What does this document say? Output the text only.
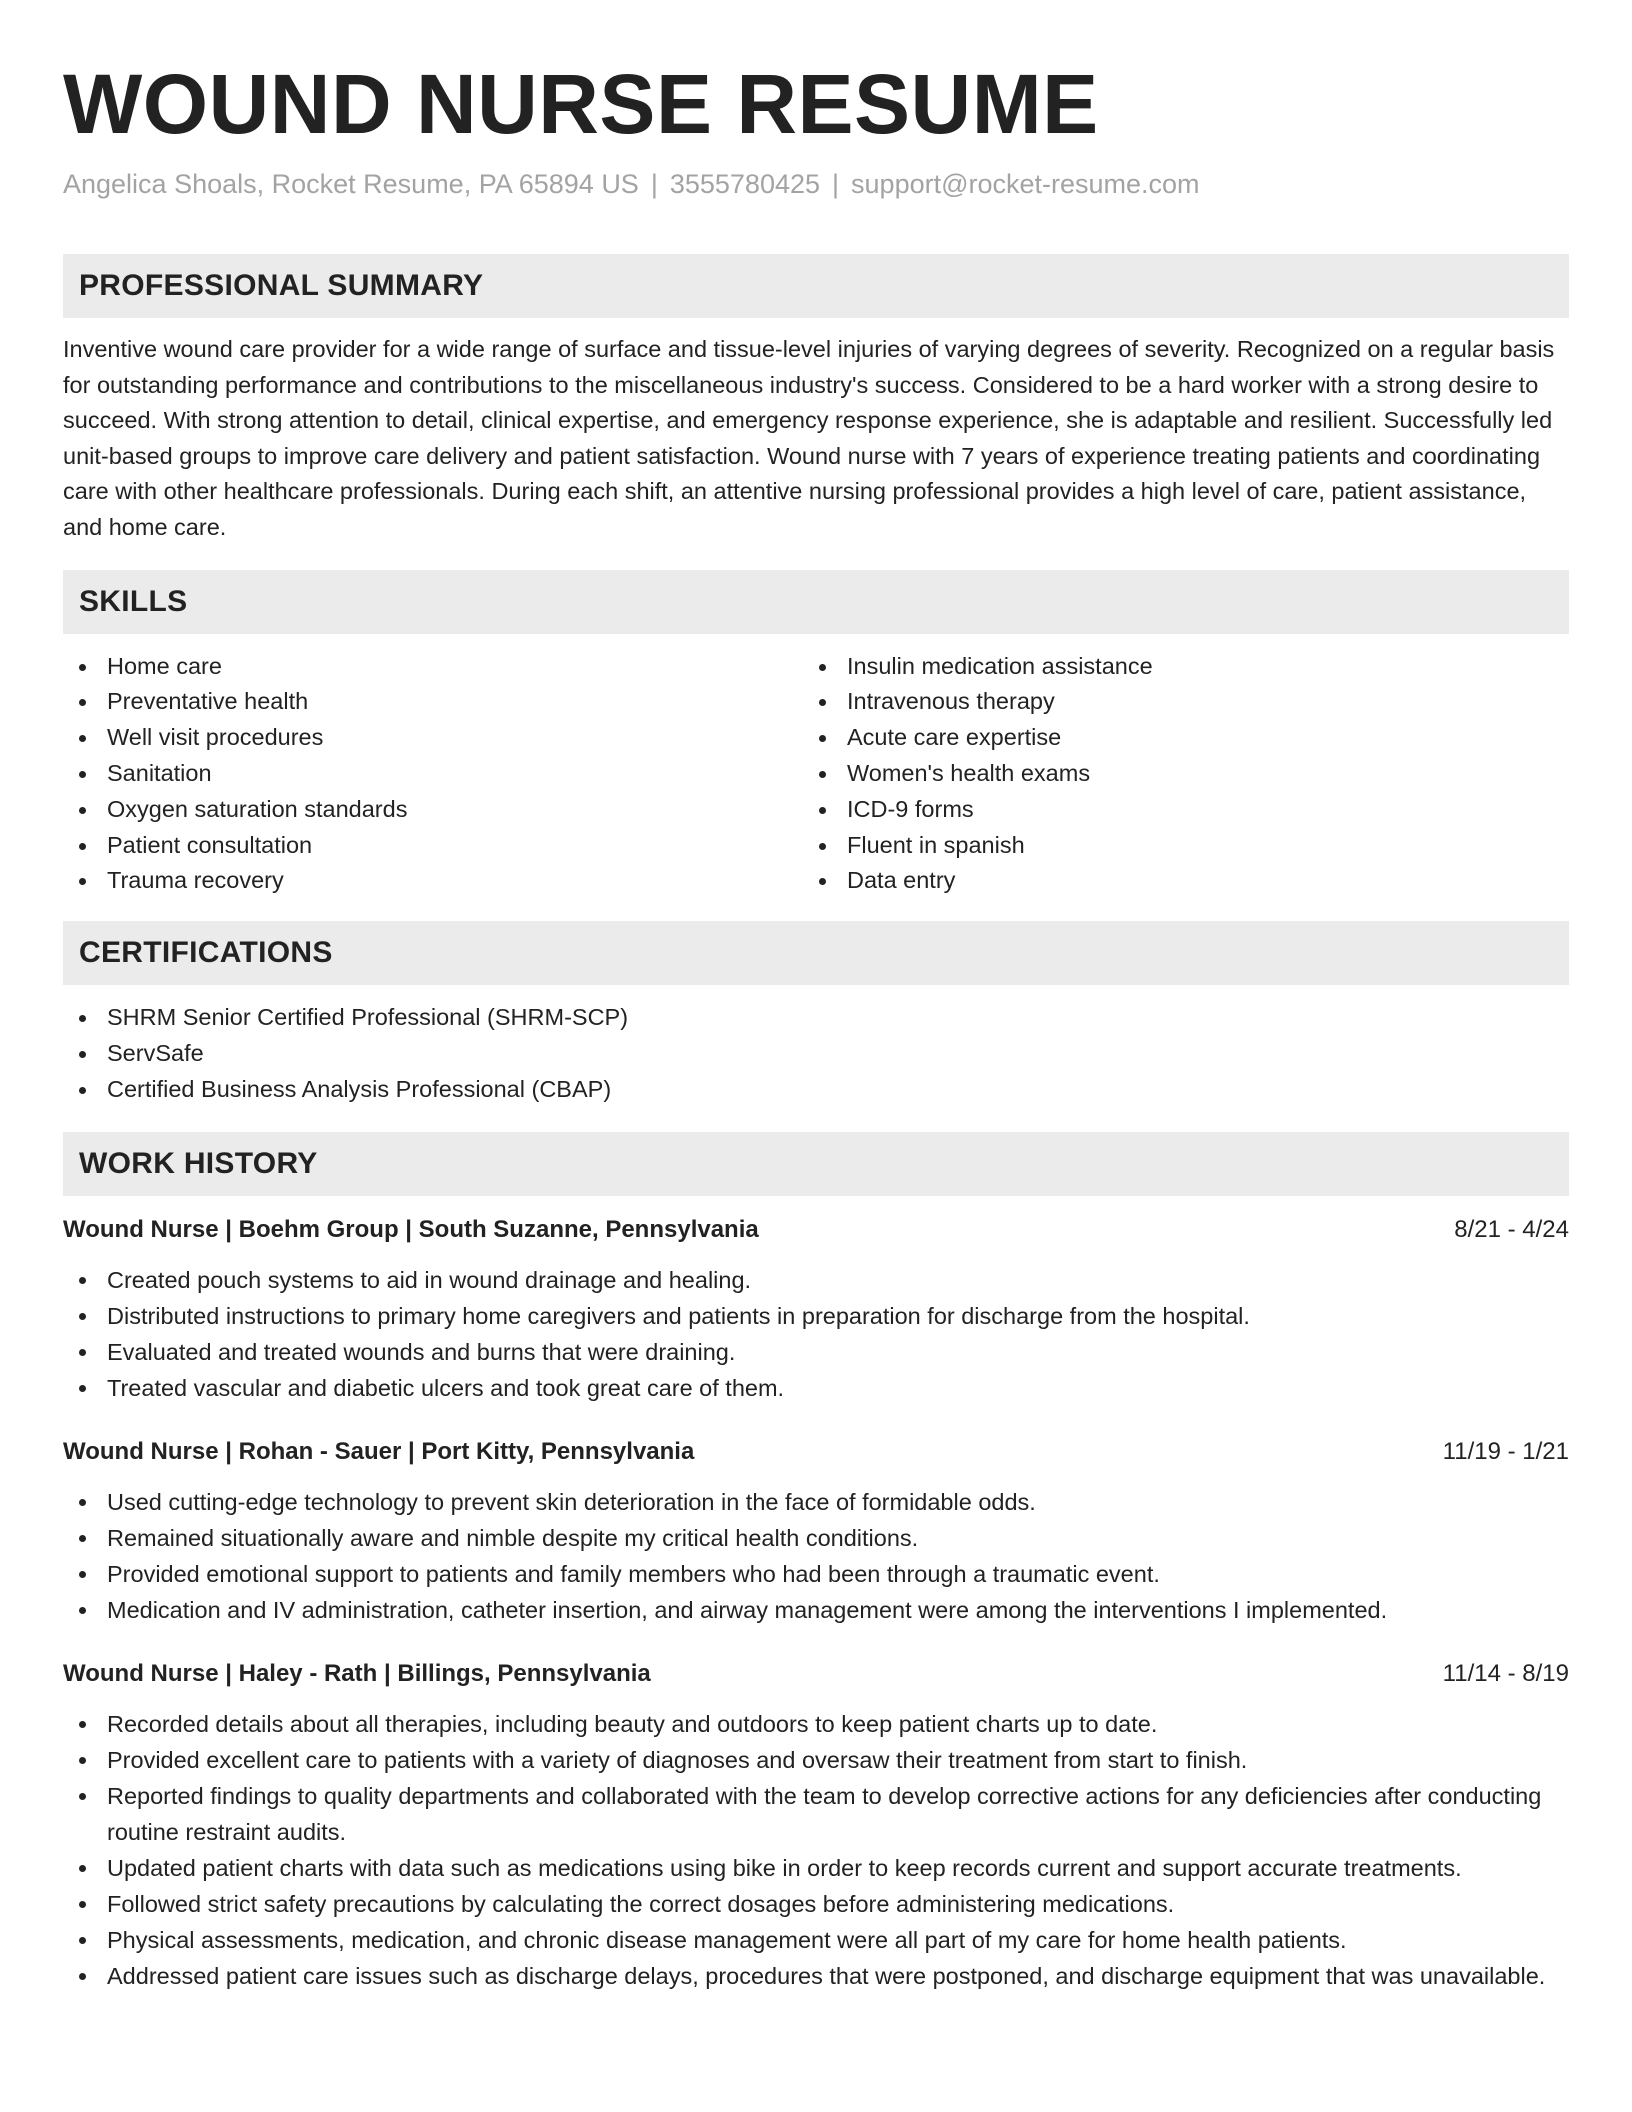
WOUND NURSE RESUME
Angelica Shoals, Rocket Resume, PA 65894 US | 3555780425 | support@rocket-resume.com
PROFESSIONAL SUMMARY

Inventive wound care provider for a wide range of surface and tissue-level injuries of varying degrees of severity. Recognized on a regular basis for outstanding performance and contributions to the miscellaneous industry's success. Considered to be a hard worker with a strong desire to succeed. With strong attention to detail, clinical expertise, and emergency response experience, she is adaptable and resilient. Successfully led unit-based groups to improve care delivery and patient satisfaction. Wound nurse with 7 years of experience treating patients and coordinating care with other healthcare professionals. During each shift, an attentive nursing professional provides a high level of care, patient assistance, and home care.

SKILLS
Home care
Preventative health
Well visit procedures
Sanitation
Oxygen saturation standards
Patient consultation
Trauma recovery
Insulin medication assistance
Intravenous therapy
Acute care expertise
Women's health exams
ICD-9 forms
Fluent in spanish
Data entry
CERTIFICATIONS
SHRM Senior Certified Professional (SHRM-SCP)
ServSafe
Certified Business Analysis Professional (CBAP)
WORK HISTORY
Wound Nurse | Boehm Group | South Suzanne, Pennsylvania	8/21 - 4/24
Created pouch systems to aid in wound drainage and healing.
Distributed instructions to primary home caregivers and patients in preparation for discharge from the hospital.
Evaluated and treated wounds and burns that were draining.
Treated vascular and diabetic ulcers and took great care of them.
Wound Nurse | Rohan - Sauer | Port Kitty, Pennsylvania	11/19 - 1/21
Used cutting-edge technology to prevent skin deterioration in the face of formidable odds.
Remained situationally aware and nimble despite my critical health conditions.
Provided emotional support to patients and family members who had been through a traumatic event.
Medication and IV administration, catheter insertion, and airway management were among the interventions I implemented.
Wound Nurse | Haley - Rath | Billings, Pennsylvania	11/14 - 8/19
Recorded details about all therapies, including beauty and outdoors to keep patient charts up to date.
Provided excellent care to patients with a variety of diagnoses and oversaw their treatment from start to finish.
Reported findings to quality departments and collaborated with the team to develop corrective actions for any deficiencies after conducting routine restraint audits.
Updated patient charts with data such as medications using bike in order to keep records current and support accurate treatments.
Followed strict safety precautions by calculating the correct dosages before administering medications.
Physical assessments, medication, and chronic disease management were all part of my care for home health patients.
Addressed patient care issues such as discharge delays, procedures that were postponed, and discharge equipment that was unavailable.
